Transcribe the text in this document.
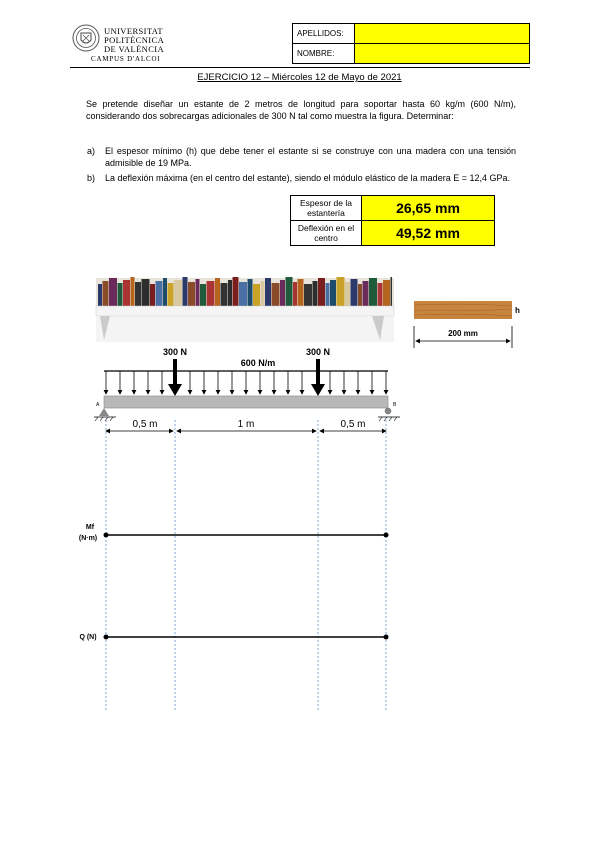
UNIVERSITAT
POLITÈCNICA
DE VALÈNCIA
CAMPUS D'ALCOI
APELLIDOS:	
NOMBRE:	
EJERCICIO 12 – Miércoles 12 de Mayo de 2021
Se pretende diseñar un estante de 2 metros de longitud para soportar hasta 60 kg/m (600 N/m), considerando dos sobrecargas adicionales de 300 N tal como muestra la figura. Determinar:
a) El espesor mínimo (h) que debe tener el estante si se construye con una madera con una tensión admisible de 19 MPa.
b) La deflexión máxima (en el centro del estante), siendo el módulo elástico de la madera E = 12,4 GPa.
Espesor de la estantería	26,65 mm
Deflexión en el centro	49,52 mm
h
200 mm
600 N/m
300 N	300 N
A	B
0,5 m	1 m	0,5 m
Mf
(N·m)
Q (N)
